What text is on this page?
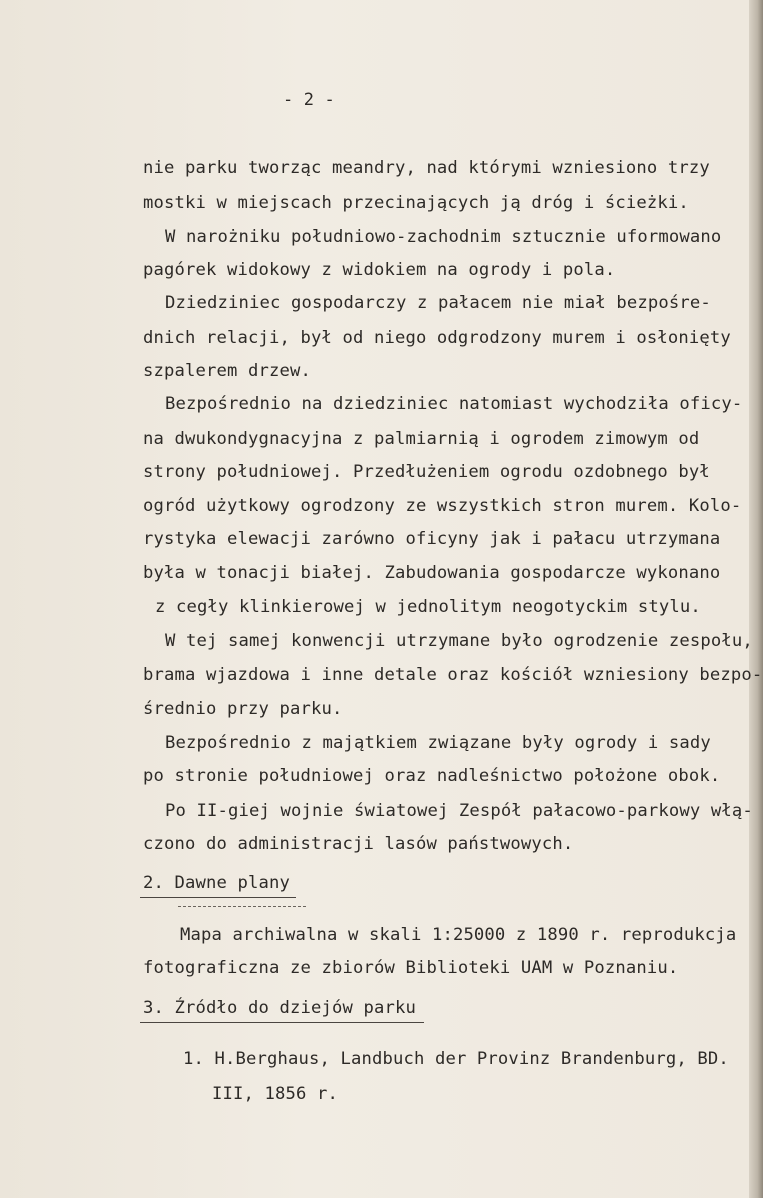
- 2 -
nie parku tworząc meandry, nad którymi wzniesiono trzy
mostki w miejscach przecinających ją dróg i ścieżki.
W narożniku południowo-zachodnim sztucznie uformowano
pagórek widokowy z widokiem na ogrody i pola.
Dziedziniec gospodarczy z pałacem nie miał bezpośre-
dnich relacji, był od niego odgrodzony murem i osłonięty
szpalerem drzew.
Bezpośrednio na dziedziniec natomiast wychodziła oficy-
na dwukondygnacyjna z palmiarnią i ogrodem zimowym od
strony południowej. Przedłużeniem ogrodu ozdobnego był
ogród użytkowy ogrodzony ze wszystkich stron murem. Kolo-
rystyka elewacji zarówno oficyny jak i pałacu utrzymana
była w tonacji białej. Zabudowania gospodarcze wykonano
z cegły klinkierowej w jednolitym neogotyckim stylu.
W tej samej konwencji utrzymane było ogrodzenie zespołu,
brama wjazdowa i inne detale oraz kościół wzniesiony bezpo-
średnio przy parku.
Bezpośrednio z majątkiem związane były ogrody i sady
po stronie południowej oraz nadleśnictwo położone obok.
Po II-giej wojnie światowej Zespół pałacowo-parkowy włą-
czono do administracji lasów państwowych.
2. Dawne plany
Mapa archiwalna w skali 1:25000 z 1890 r. reprodukcja
fotograficzna ze zbiorów Biblioteki UAM w Poznaniu.
3. Źródło do dziejów parku
1. H.Berghaus, Landbuch der Provinz Brandenburg, BD.
III, 1856 r.
